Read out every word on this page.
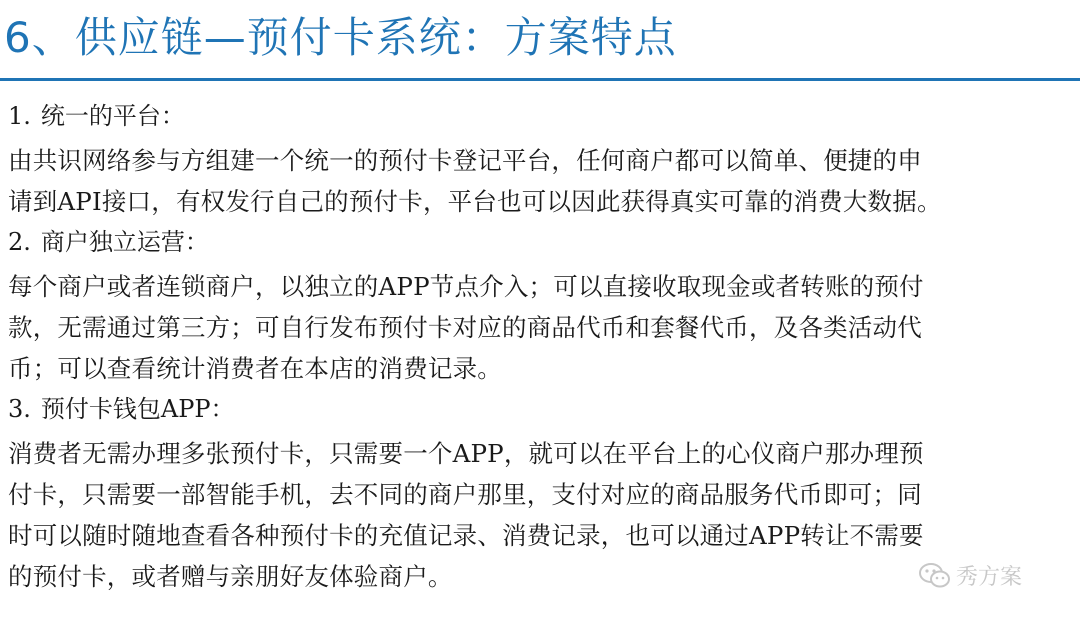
6、供应链—预付卡系统：方案特点
1. 统一的平台：
由共识网络参与方组建一个统一的预付卡登记平台，任何商户都可以简单、便捷的申
请到API接口，有权发行自己的预付卡，平台也可以因此获得真实可靠的消费大数据。
2. 商户独立运营：
每个商户或者连锁商户，以独立的APP节点介入；可以直接收取现金或者转账的预付
款，无需通过第三方；可自行发布预付卡对应的商品代币和套餐代币，及各类活动代
币；可以查看统计消费者在本店的消费记录。
3. 预付卡钱包APP：
消费者无需办理多张预付卡，只需要一个APP，就可以在平台上的心仪商户那办理预
付卡，只需要一部智能手机，去不同的商户那里，支付对应的商品服务代币即可；同
时可以随时随地查看各种预付卡的充值记录、消费记录，也可以通过APP转让不需要
的预付卡，或者赠与亲朋好友体验商户。	秀方案
